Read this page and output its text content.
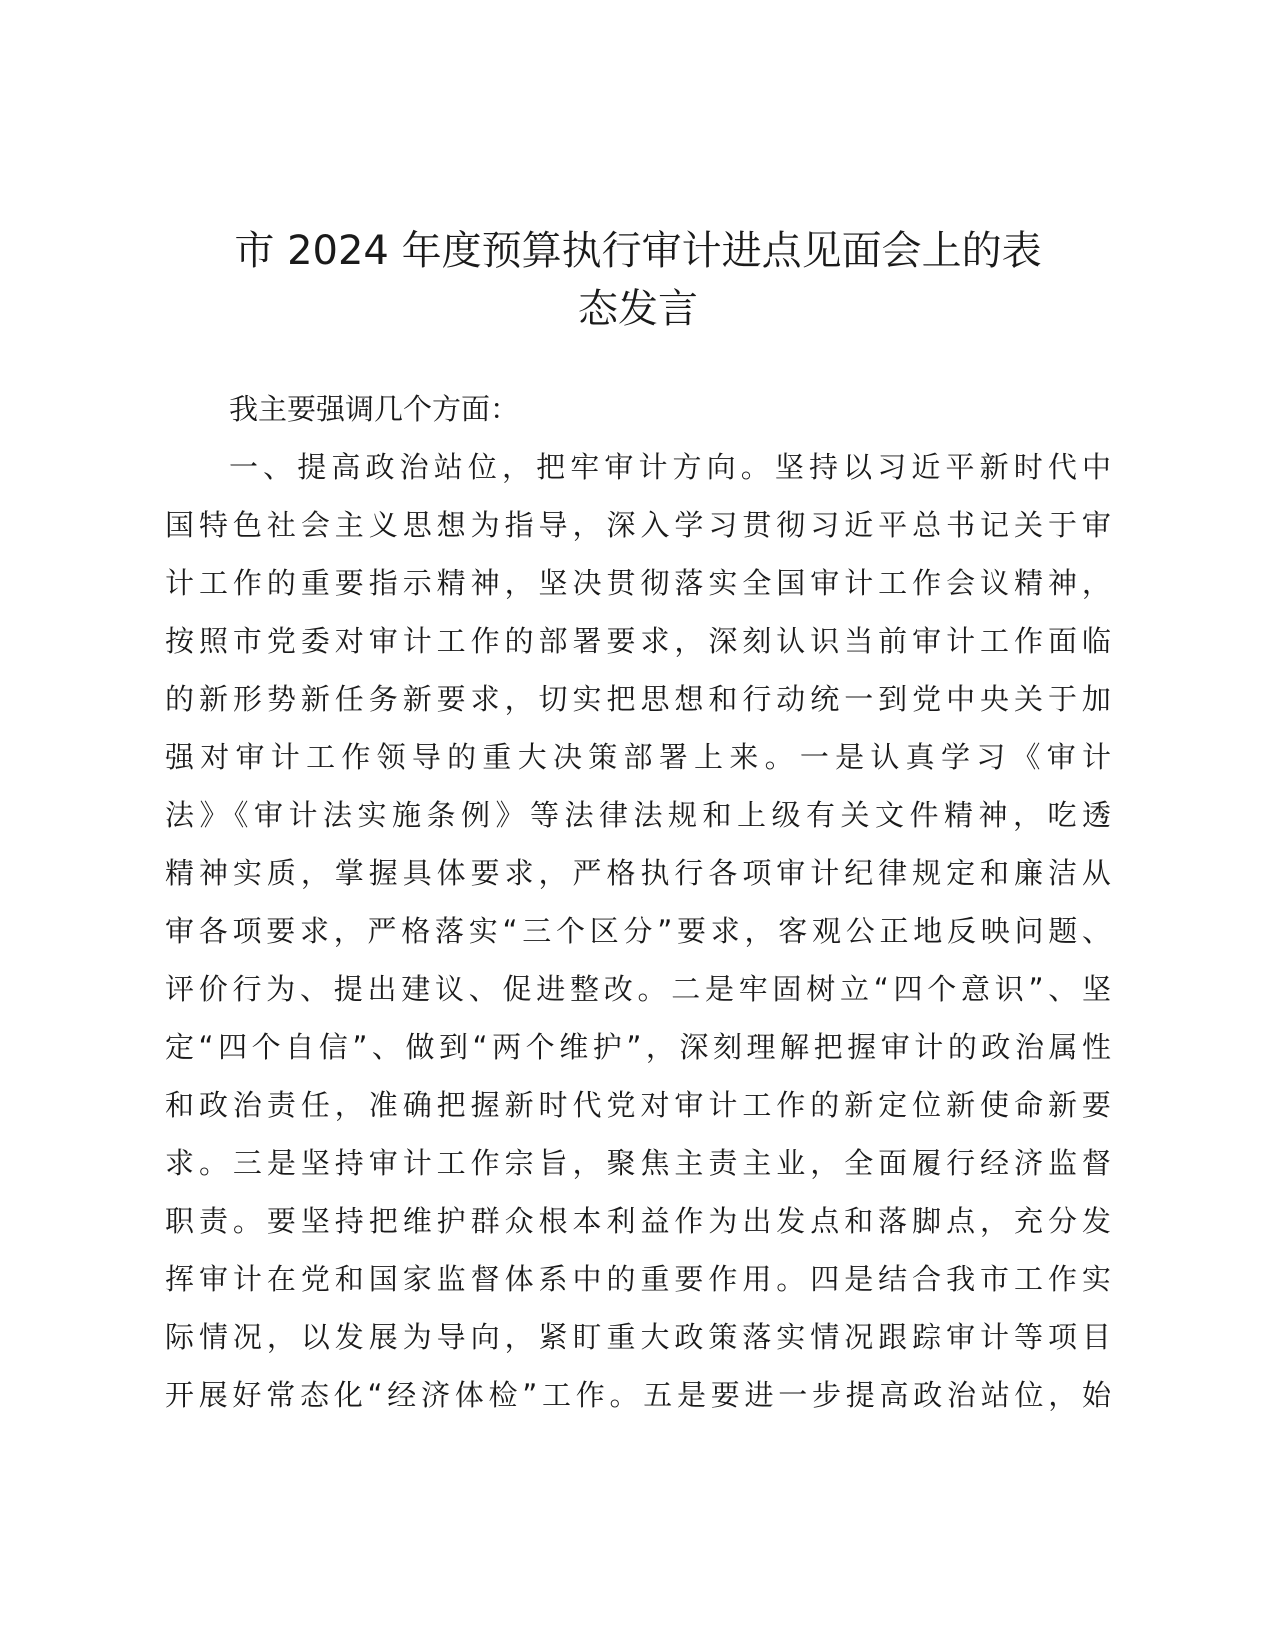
市 2024 年度预算执行审计进点见面会上的表
态发言
我主要强调几个方面：
一、提高政治站位，把牢审计方向。坚持以习近平新时代中
国特色社会主义思想为指导，深入学习贯彻习近平总书记关于审
计工作的重要指示精神，坚决贯彻落实全国审计工作会议精神，
按照市党委对审计工作的部署要求，深刻认识当前审计工作面临
的新形势新任务新要求，切实把思想和行动统一到党中央关于加
强对审计工作领导的重大决策部署上来。一是认真学习《审计
法》《审计法实施条例》等法律法规和上级有关文件精神，吃透
精神实质，掌握具体要求，严格执行各项审计纪律规定和廉洁从
审各项要求，严格落实“三个区分”要求，客观公正地反映问题、
评价行为、提出建议、促进整改。二是牢固树立“四个意识”、坚
定“四个自信”、做到“两个维护”，深刻理解把握审计的政治属性
和政治责任，准确把握新时代党对审计工作的新定位新使命新要
求。三是坚持审计工作宗旨，聚焦主责主业，全面履行经济监督
职责。要坚持把维护群众根本利益作为出发点和落脚点，充分发
挥审计在党和国家监督体系中的重要作用。四是结合我市工作实
际情况，以发展为导向，紧盯重大政策落实情况跟踪审计等项目
开展好常态化“经济体检”工作。五是要进一步提高政治站位，始
